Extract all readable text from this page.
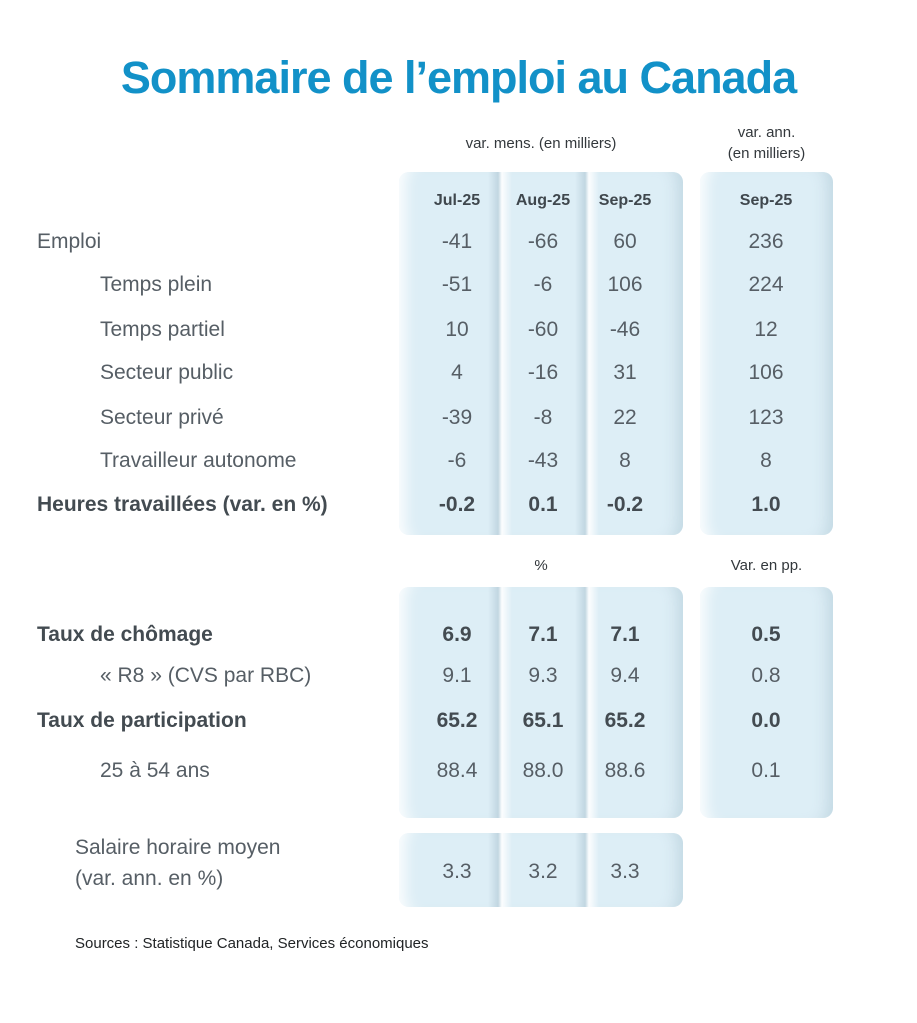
Sommaire de l’emploi au Canada
var. mens. (en milliers)
var. ann.
(en milliers)
Jul-25	Aug-25	Sep-25	Sep-25
Emploi	-41	-66	60	236
Temps plein	-51	-6	106	224
Temps partiel	10	-60	-46	12
Secteur public	4	-16	31	106
Secteur privé	-39	-8	22	123
Travailleur autonome	-6	-43	8	8
Heures travaillées (var. en %)	-0.2	0.1	-0.2	1.0
%	Var. en pp.
Taux de chômage	6.9	7.1	7.1	0.5
« R8 » (CVS par RBC)	9.1	9.3	9.4	0.8
Taux de participation	65.2	65.1	65.2	0.0
25 à 54 ans	88.4	88.0	88.6	0.1
Salaire horaire moyen
(var. ann. en %)	3.3	3.2	3.3
Sources : Statistique Canada, Services économiques
